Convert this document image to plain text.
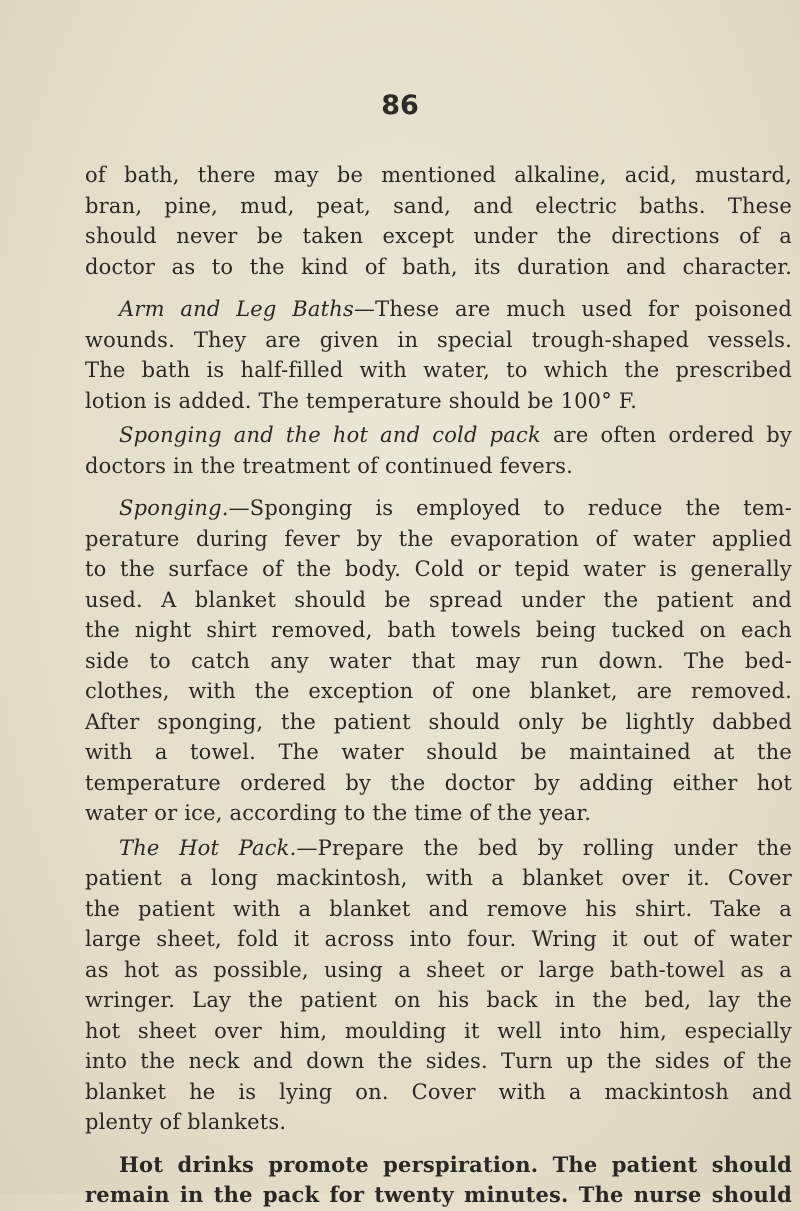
86
of bath, there may be mentioned alkaline, acid, mustard,
bran, pine, mud, peat, sand, and electric baths. These
should never be taken except under the directions of a
doctor as to the kind of bath, its duration and character.
Arm and Leg Baths—These are much used for poisoned
wounds. They are given in special trough-shaped vessels.
The bath is half-filled with water, to which the prescribed
lotion is added. The temperature should be 100° F.
Sponging and the hot and cold pack are often ordered by
doctors in the treatment of continued fevers.
Sponging.—Sponging is employed to reduce the tem-
perature during fever by the evaporation of water applied
to the surface of the body. Cold or tepid water is generally
used. A blanket should be spread under the patient and
the night shirt removed, bath towels being tucked on each
side to catch any water that may run down. The bed-
clothes, with the exception of one blanket, are removed.
After sponging, the patient should only be lightly dabbed
with a towel. The water should be maintained at the
temperature ordered by the doctor by adding either hot
water or ice, according to the time of the year.
The Hot Pack.—Prepare the bed by rolling under the
patient a long mackintosh, with a blanket over it. Cover
the patient with a blanket and remove his shirt. Take a
large sheet, fold it across into four. Wring it out of water
as hot as possible, using a sheet or large bath-towel as a
wringer. Lay the patient on his back in the bed, lay the
hot sheet over him, moulding it well into him, especially
into the neck and down the sides. Turn up the sides of the
blanket he is lying on. Cover with a mackintosh and
plenty of blankets.
Hot drinks promote perspiration. The patient should
remain in the pack for twenty minutes. The nurse should
